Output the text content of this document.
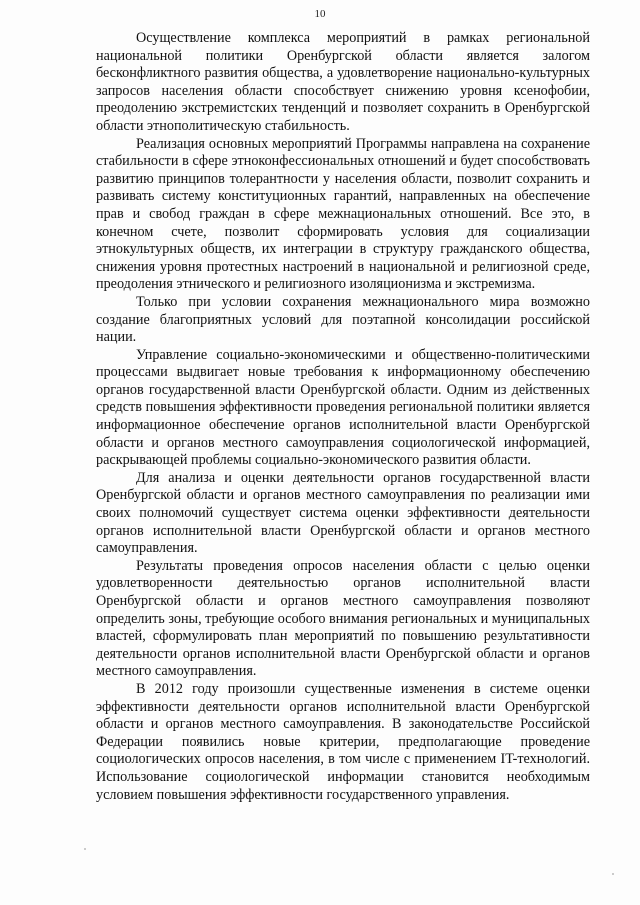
10

Осуществление комплекса мероприятий в рамках региональной национальной политики Оренбургской области является залогом бесконфликтного развития общества, а удовлетворение национально-культурных запросов населения области способствует снижению уровня ксенофобии, преодолению экстремистских тенденций и позволяет сохранить в Оренбургской области этнополитическую стабильность.

Реализация основных мероприятий Программы направлена на сохранение стабильности в сфере этноконфессиональных отношений и будет способствовать развитию принципов толерантности у населения области, позволит сохранить и развивать систему конституционных гарантий, направленных на обеспечение прав и свобод граждан в сфере межнациональных отношений. Все это, в конечном счете, позволит сформировать условия для социализации этнокультурных обществ, их интеграции в структуру гражданского общества, снижения уровня протестных настроений в национальной и религиозной среде, преодоления этнического и религиозного изоляционизма и экстремизма.

Только при условии сохранения межнационального мира возможно создание благоприятных условий для поэтапной консолидации российской нации.

Управление социально-экономическими и общественно-политическими процессами выдвигает новые требования к информационному обеспечению органов государственной власти Оренбургской области. Одним из действенных средств повышения эффективности проведения региональной политики является информационное обеспечение органов исполнительной власти Оренбургской области и органов местного самоуправления социологической информацией, раскрывающей проблемы социально-экономического развития области.

Для анализа и оценки деятельности органов государственной власти Оренбургской области и органов местного самоуправления по реализации ими своих полномочий существует система оценки эффективности деятельности органов исполнительной власти Оренбургской области и органов местного самоуправления.

Результаты проведения опросов населения области с целью оценки удовлетворенности деятельностью органов исполнительной власти Оренбургской области и органов местного самоуправления позволяют определить зоны, требующие особого внимания региональных и муниципальных властей, сформулировать план мероприятий по повышению результативности деятельности органов исполнительной власти Оренбургской области и органов местного самоуправления.

В 2012 году произошли существенные изменения в системе оценки эффективности деятельности органов исполнительной власти Оренбургской области и органов местного самоуправления. В законодательстве Российской Федерации появились новые критерии, предполагающие проведение социологических опросов населения, в том числе с применением IT-технологий. Использование социологической информации становится необходимым условием повышения эффективности государственного управления.
